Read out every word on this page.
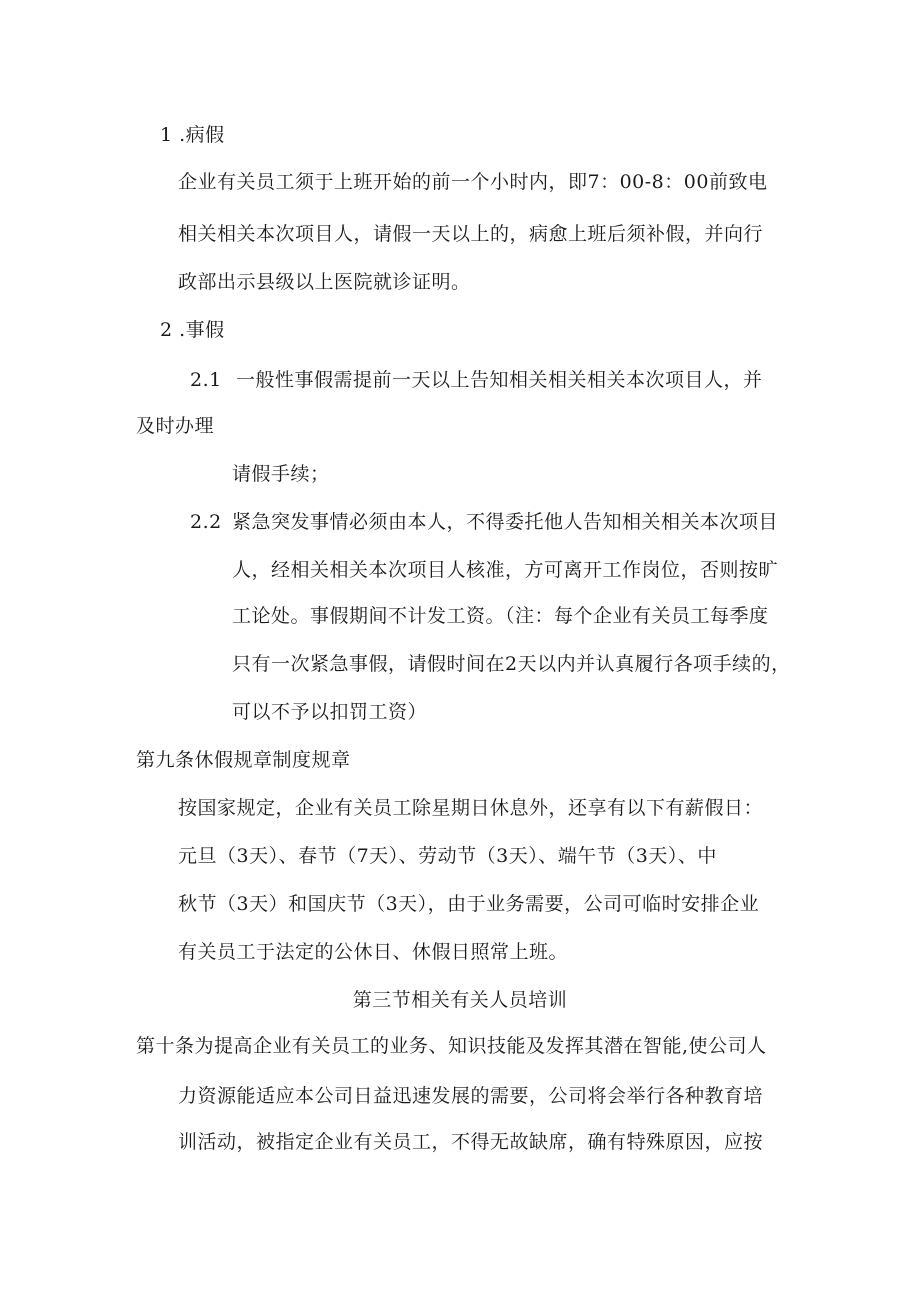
1 .病假
企业有关员工须于上班开始的前一个小时内，即7：00-8：00前致电
相关相关本次项目人，请假一天以上的，病愈上班后须补假，并向行
政部出示县级以上医院就诊证明。
2 .事假
2.1 一般性事假需提前一天以上告知相关相关相关本次项目人，并
及时办理
请假手续；
2.2 紧急突发事情必须由本人，不得委托他人告知相关相关本次项目
人，经相关相关本次项目人核准，方可离开工作岗位，否则按旷
工论处。事假期间不计发工资。（注：每个企业有关员工每季度
只有一次紧急事假，请假时间在2天以内并认真履行各项手续的，
可以不予以扣罚工资）
第九条休假规章制度规章
按国家规定，企业有关员工除星期日休息外，还享有以下有薪假日：
元旦（3天）、春节（7天）、劳动节（3天）、端午节（3天）、中
秋节（3天）和国庆节（3天），由于业务需要，公司可临时安排企业
有关员工于法定的公休日、休假日照常上班。
第三节相关有关人员培训
第十条为提高企业有关员工的业务、知识技能及发挥其潜在智能,使公司人
力资源能适应本公司日益迅速发展的需要，公司将会举行各种教育培
训活动，被指定企业有关员工，不得无故缺席，确有特殊原因，应按
